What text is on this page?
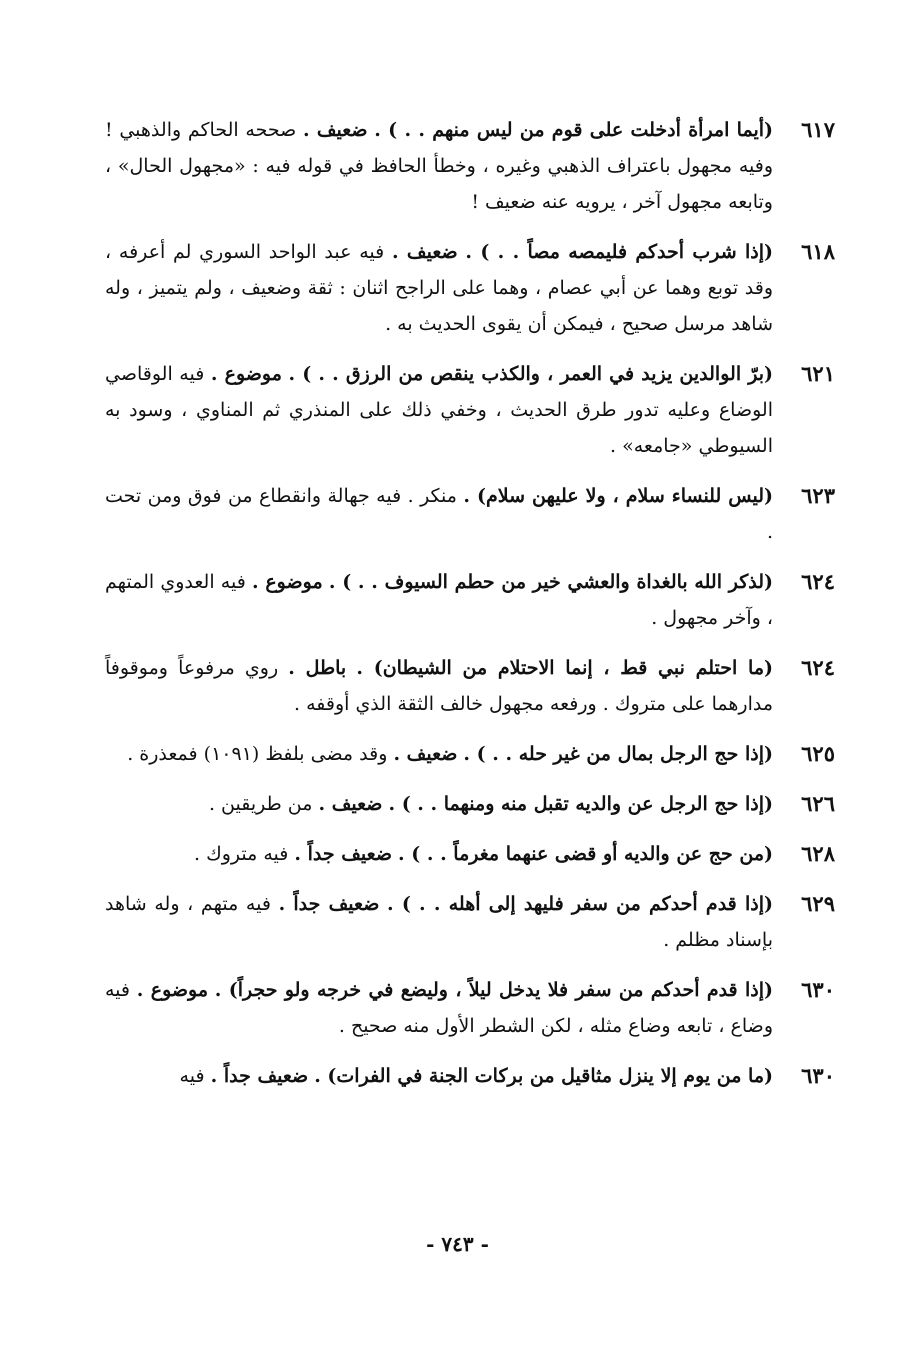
٦١٧
(أيما امرأة أدخلت على قوم من ليس منهم . . ) . ضعيف . صححه الحاكم والذهبي ! وفيه مجهول باعتراف الذهبي وغيره ، وخطأ الحافظ في قوله فيه : «مجهول الحال» ، وتابعه مجهول آخر ، يرويه عنه ضعيف !
٦١٨
(إذا شرب أحدكم فليمصه مصاً . . ) . ضعيف . فيه عبد الواحد السوري لم أعرفه ، وقد توبع وهما عن أبي عصام ، وهما على الراجح اثنان : ثقة وضعيف ، ولم يتميز ، وله شاهد مرسل صحيح ، فيمكن أن يقوى الحديث به .
٦٢١
(برّ الوالدين يزيد في العمر ، والكذب ينقص من الرزق . . ) . موضوع . فيه الوقاصي الوضاع وعليه تدور طرق الحديث ، وخفي ذلك على المنذري ثم المناوي ، وسود به السيوطي «جامعه» .
٦٢٣
(ليس للنساء سلام ، ولا عليهن سلام) . منكر . فيه جهالة وانقطاع من فوق ومن تحت .
٦٢٤
(لذكر الله بالغداة والعشي خير من حطم السيوف . . ) . موضوع . فيه العدوي المتهم ، وآخر مجهول .
٦٢٤
(ما احتلم نبي قط ، إنما الاحتلام من الشيطان) . باطل . روي مرفوعاً وموقوفاً مدارهما على متروك . ورفعه مجهول خالف الثقة الذي أوقفه .
٦٢٥
(إذا حج الرجل بمال من غير حله . . ) . ضعيف . وقد مضى بلفظ (١٠٩١) فمعذرة .
٦٢٦
(إذا حج الرجل عن والديه تقبل منه ومنهما . . ) . ضعيف . من طريقين .
٦٢٨
(من حج عن والديه أو قضى عنهما مغرماً . . ) . ضعيف جداً . فيه متروك .
٦٢٩
(إذا قدم أحدكم من سفر فليهد إلى أهله . . ) . ضعيف جداً . فيه متهم ، وله شاهد بإسناد مظلم .
٦٣٠
(إذا قدم أحدكم من سفر فلا يدخل ليلاً ، وليضع في خرجه ولو حجراً) . موضوع . فيه وضاع ، تابعه وضاع مثله ، لكن الشطر الأول منه صحيح .
٦٣٠
(ما من يوم إلا ينزل مثاقيل من بركات الجنة في الفرات) . ضعيف جداً . فيه
- ٧٤٣ -
